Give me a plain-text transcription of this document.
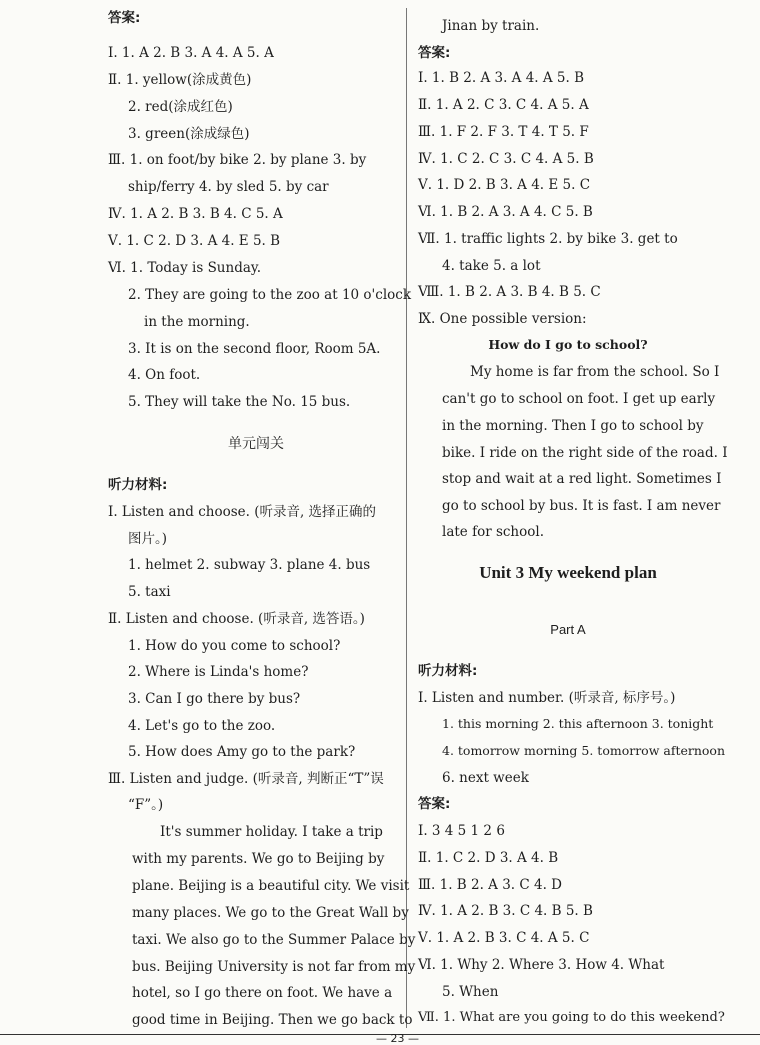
答案:
Ⅰ. 1. A 2. B 3. A 4. A 5. A
Ⅱ. 1. yellow(涂成黄色)
2. red(涂成红色)
3. green(涂成绿色)
Ⅲ. 1. on foot/by bike 2. by plane 3. by
ship/ferry 4. by sled 5. by car
Ⅳ. 1. A 2. B 3. B 4. C 5. A
Ⅴ. 1. C 2. D 3. A 4. E 5. B
Ⅵ. 1. Today is Sunday.
2. They are going to the zoo at 10 o'clock
in the morning.
3. It is on the second floor, Room 5A.
4. On foot.
5. They will take the No. 15 bus.
单元闯关
听力材料:
Ⅰ. Listen and choose. (听录音, 选择正确的
图片。)
1. helmet 2. subway 3. plane 4. bus
5. taxi
Ⅱ. Listen and choose. (听录音, 选答语。)
1. How do you come to school?
2. Where is Linda's home?
3. Can I go there by bus?
4. Let's go to the zoo.
5. How does Amy go to the park?
Ⅲ. Listen and judge. (听录音, 判断正“T”误
“F”。)
It's summer holiday. I take a trip
with my parents. We go to Beijing by
plane. Beijing is a beautiful city. We visit
many places. We go to the Great Wall by
taxi. We also go to the Summer Palace by
bus. Beijing University is not far from my
hotel, so I go there on foot. We have a
good time in Beijing. Then we go back to
Jinan by train.
答案:
Ⅰ. 1. B 2. A 3. A 4. A 5. B
Ⅱ. 1. A 2. C 3. C 4. A 5. A
Ⅲ. 1. F 2. F 3. T 4. T 5. F
Ⅳ. 1. C 2. C 3. C 4. A 5. B
Ⅴ. 1. D 2. B 3. A 4. E 5. C
Ⅵ. 1. B 2. A 3. A 4. C 5. B
Ⅶ. 1. traffic lights 2. by bike 3. get to
4. take 5. a lot
Ⅷ. 1. B 2. A 3. B 4. B 5. C
Ⅸ. One possible version:
How do I go to school?
My home is far from the school. So I
can't go to school on foot. I get up early
in the morning. Then I go to school by
bike. I ride on the right side of the road. I
stop and wait at a red light. Sometimes I
go to school by bus. It is fast. I am never
late for school.
Unit 3 My weekend plan
Part A
听力材料:
Ⅰ. Listen and number. (听录音, 标序号。)
1. this morning 2. this afternoon 3. tonight
4. tomorrow morning 5. tomorrow afternoon
6. next week
答案:
Ⅰ. 3 4 5 1 2 6
Ⅱ. 1. C 2. D 3. A 4. B
Ⅲ. 1. B 2. A 3. C 4. D
Ⅳ. 1. A 2. B 3. C 4. B 5. B
Ⅴ. 1. A 2. B 3. C 4. A 5. C
Ⅵ. 1. Why 2. Where 3. How 4. What
5. When
Ⅶ. 1. What are you going to do this weekend?
— 23 —
